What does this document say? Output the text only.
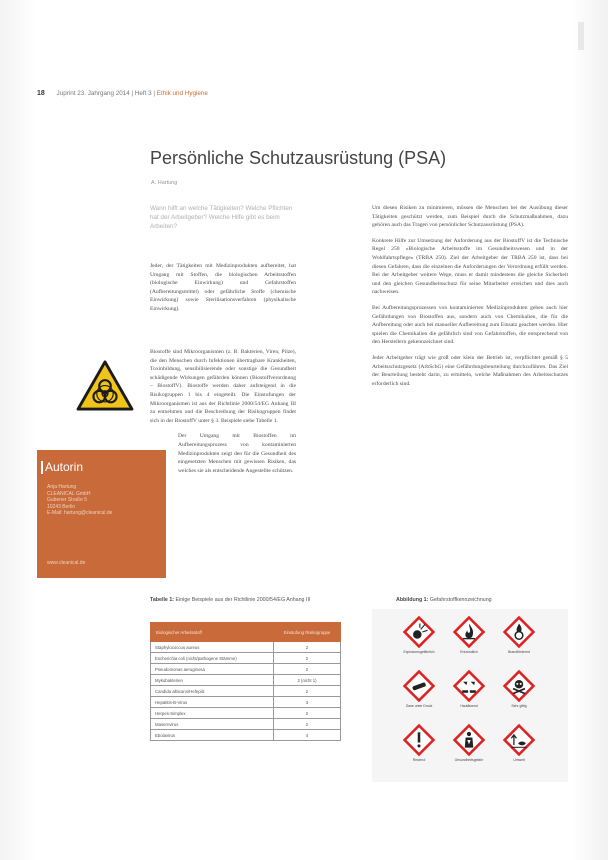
18 Juprint 23. Jahrgang 2014 | Heft 3 | Ethik und Hygiene
Persönliche Schutzausrüstung (PSA)
A. Hartung
Wann hilft an welche Tätigkeiten? Welche Pflichten hat der Arbeitgeber? Welche Hilfe gibt es beim Arbeiten?

Jeder, der Tätigkeiten mit Medizinprodukten aufbereitet, hat Umgang mit Stoffen, die biologischen Arbeitsstoffen (biologische Einwirkung) und Gefahrstoffen (Aufbereitungsmittel) oder gefährliche Stoffe (chemische Einwirkung) sowie Sterilisationsverfahren (physikalische Einwirkung).

Biostoffe sind Mikroorganismen (z. B. Bakterien, Viren, Pilze), die den Menschen durch Infektionen übertragbare Krankheiten, Toxinbildung, sensibilisierende oder sonstige die Gesundheit schädigende Wirkungen gefährden können (Biostoffverordnung – BiostoffV). Biostoffe werden daher aufsteigend in die Risikogruppen 1 bis 4 eingeteilt. Die Einstufungen der Mikroorganismen ist aus der Richtlinie 2000/54/EG Anhang III zu entnehmen und die Beschreibung der Risikogruppen findet sich in der BiostoffV unter § 3. Beispiele siehe Tabelle 1.

Der Umgang mit Biostoffen im Aufbereitungsprozess von kontaminierten Medizinprodukten zeigt den für die Gesundheit des eingesetzten Menschen mit gewissen Risiken, das welches sie als entscheidende Angestellte schützen.

Autorin
Anja Hartung
CLEANICAL GmbH
Gubener Straße 5
10243 Berlin
E-Mail: hartung@cleanical.de
www.cleanical.de

Um diesen Risiken zu minimieren, müssen die Menschen bei der Ausübung dieser Tätigkeiten geschützt werden, zum Beispiel durch die Schutzmaßnahmen, dazu gehören auch das Tragen von persönlicher Schutzausrüstung (PSA).

Konkrete Hilfe zur Umsetzung der Anforderung aus der BiostoffV ist die Technische Regel 250 «Biologische Arbeitsstoffe im Gesundheitswesen und in der Wohlfahrtspflege» (TRBA 250). Ziel der Arbeitgeber der TRBA 250 ist, dass bei diesen Gefahren, dass die einzelnen die Anforderungen der Verordnung erfüllt werden. Bei der Arbeitgeber weitere Wege, muss er damit mindestens die gleiche Sicherheit und den gleichen Gesundheitsschutz für seine Mitarbeiter erreichen und dies auch nachweisen.

Bei Aufbereitungsprozessen von kontaminierten Medizinprodukten gehen auch hier Gefährdungen von Biostoffen aus, sondern auch von Chemikalien, die für die Aufbereitung oder auch bei manueller Aufbereitung zum Einsatz geachtet werden. Hier spielen die Chemikalien die gefährlich sind von Gefahrstoffen, die entsprechend von den Herstellern gekennzeichnet sind.

Jeder Arbeitgeber trägt wie groß oder klein der Betrieb ist, verpflichtet gemäß § 5 Arbeitsschutzgesetz (ArbSchG) eine Gefährdungsbeurteilung durchzuführen. Das Ziel der Beurteilung besteht darin, zu ermitteln, welche Maßnahmen des Arbeitsschutzes erforderlich sind.

Tabelle 1: Einige Beispiele aus der Richtlinie 2000/54/EG Anhang III
Biologischer Arbeitsstoff	Einstufung Risikogruppe
Staphylococcus aureus	2
Escherichia coli (nicht/pathogene Stämme)	2
Pseudomonas aeruginosa	2
Mykobakterien	2 (nicht 1)
Candida albicans/Hefepilz	2
Hepatitis-B-Virus	3
Herpes-Simplex	2
Masernvirus	2
Ebolavirus	4
Abbildung 1: Gefahrstoffkennzeichnung
Explosionsgefährlich	Entzündlich	Brandfördernd
Gase unter Druck	Hautätzend	Sehr giftig
Reizend	Gesundheitsgefahr	Umwelt
